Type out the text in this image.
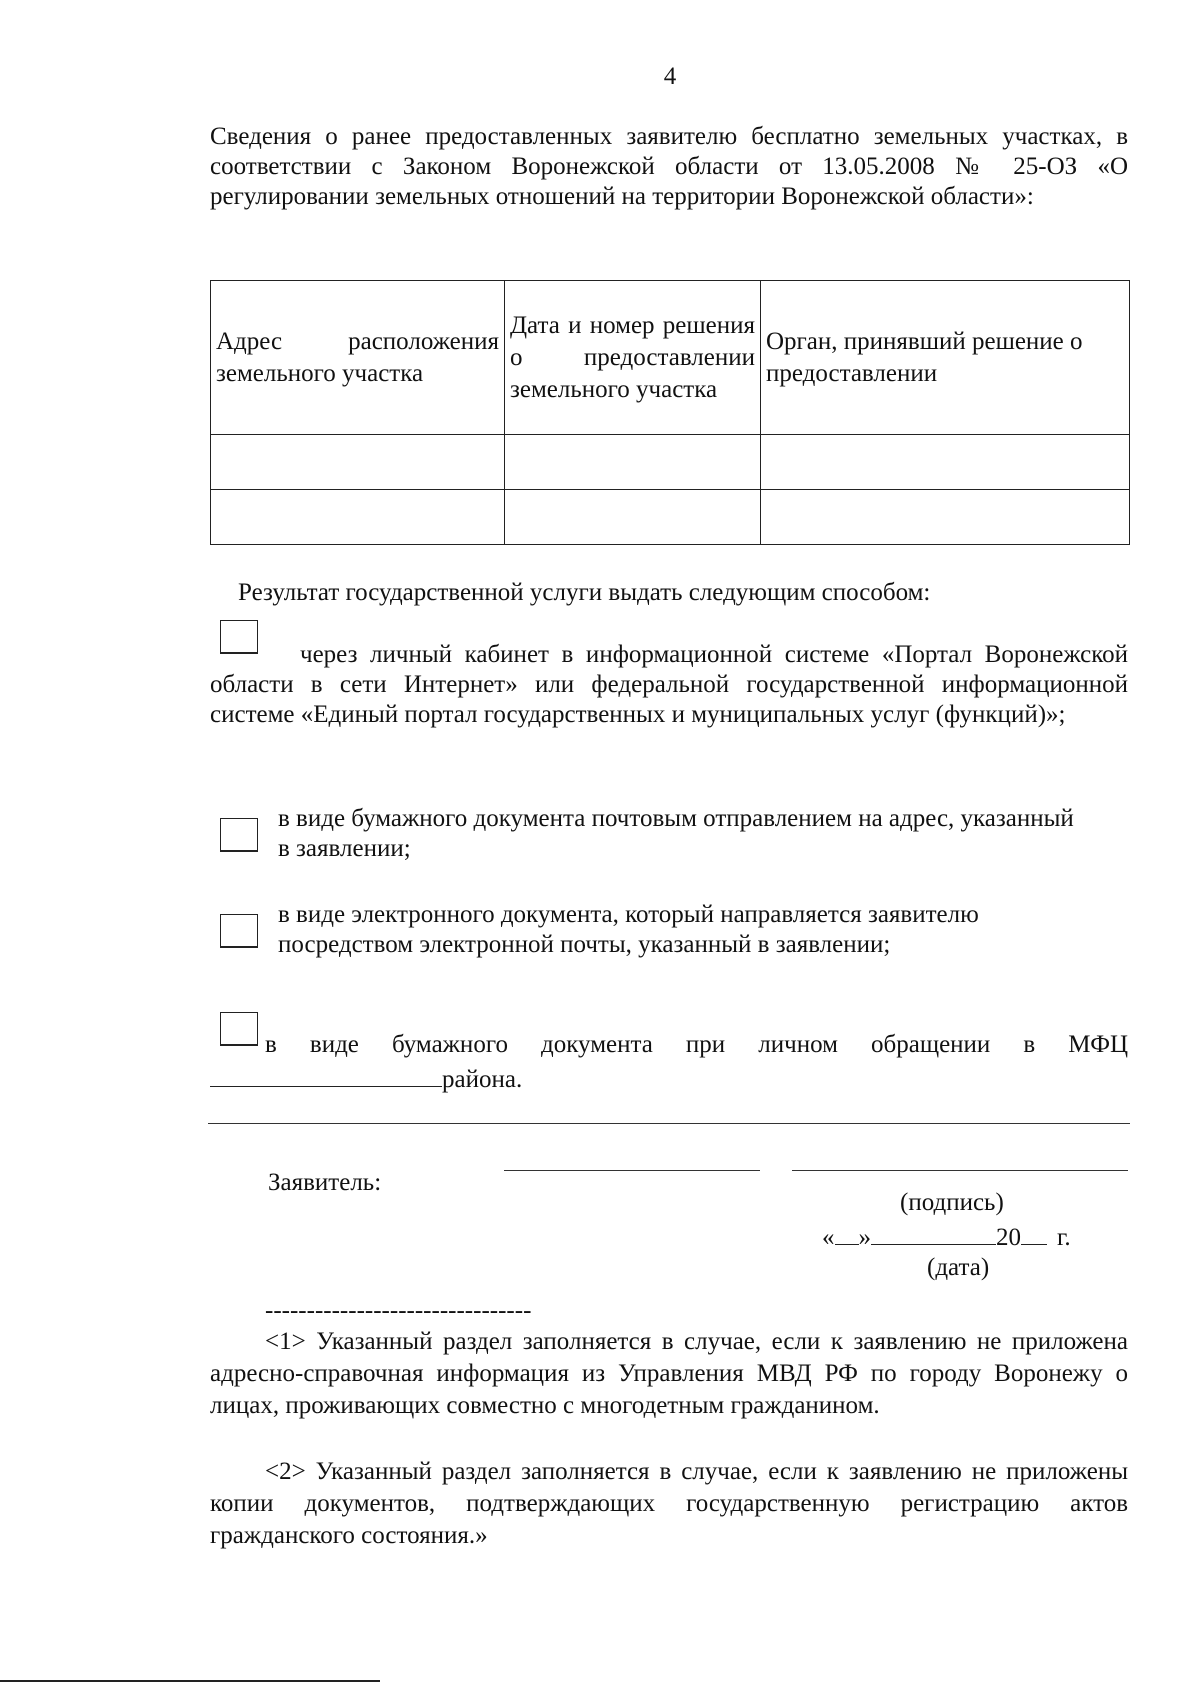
4
Сведения о ранее предоставленных заявителю бесплатно земельных участках, в соответствии с Законом Воронежской области от 13.05.2008 № 25-ОЗ «О регулировании земельных отношений на территории Воронежской области»:
Адрес расположения земельного участка	Дата и номер решения о предоставлении земельного участка	Орган, принявший решение о предоставлении

Результат государственной услуги выдать следующим способом:
через личный кабинет в информационной системе «Портал Воронежской области в сети Интернет» или федеральной государственной информационной системе «Единый портал государственных и муниципальных услуг (функций)»;
в виде бумажного документа почтовым отправлением на адрес, указанный в заявлении;
в виде электронного документа, который направляется заявителю посредством электронной почты, указанный в заявлении;
в виде бумажного документа при личном обращении в МФЦ
района.
Заявитель:
(подпись)
« »	20 г.
(дата)
--------------------------------

<1> Указанный раздел заполняется в случае, если к заявлению не приложена адресно-справочная информация из Управления МВД РФ по городу Воронежу о лицах, проживающих совместно с многодетным гражданином.

<2> Указанный раздел заполняется в случае, если к заявлению не приложены копии документов, подтверждающих государственную регистрацию актов гражданского состояния.»
